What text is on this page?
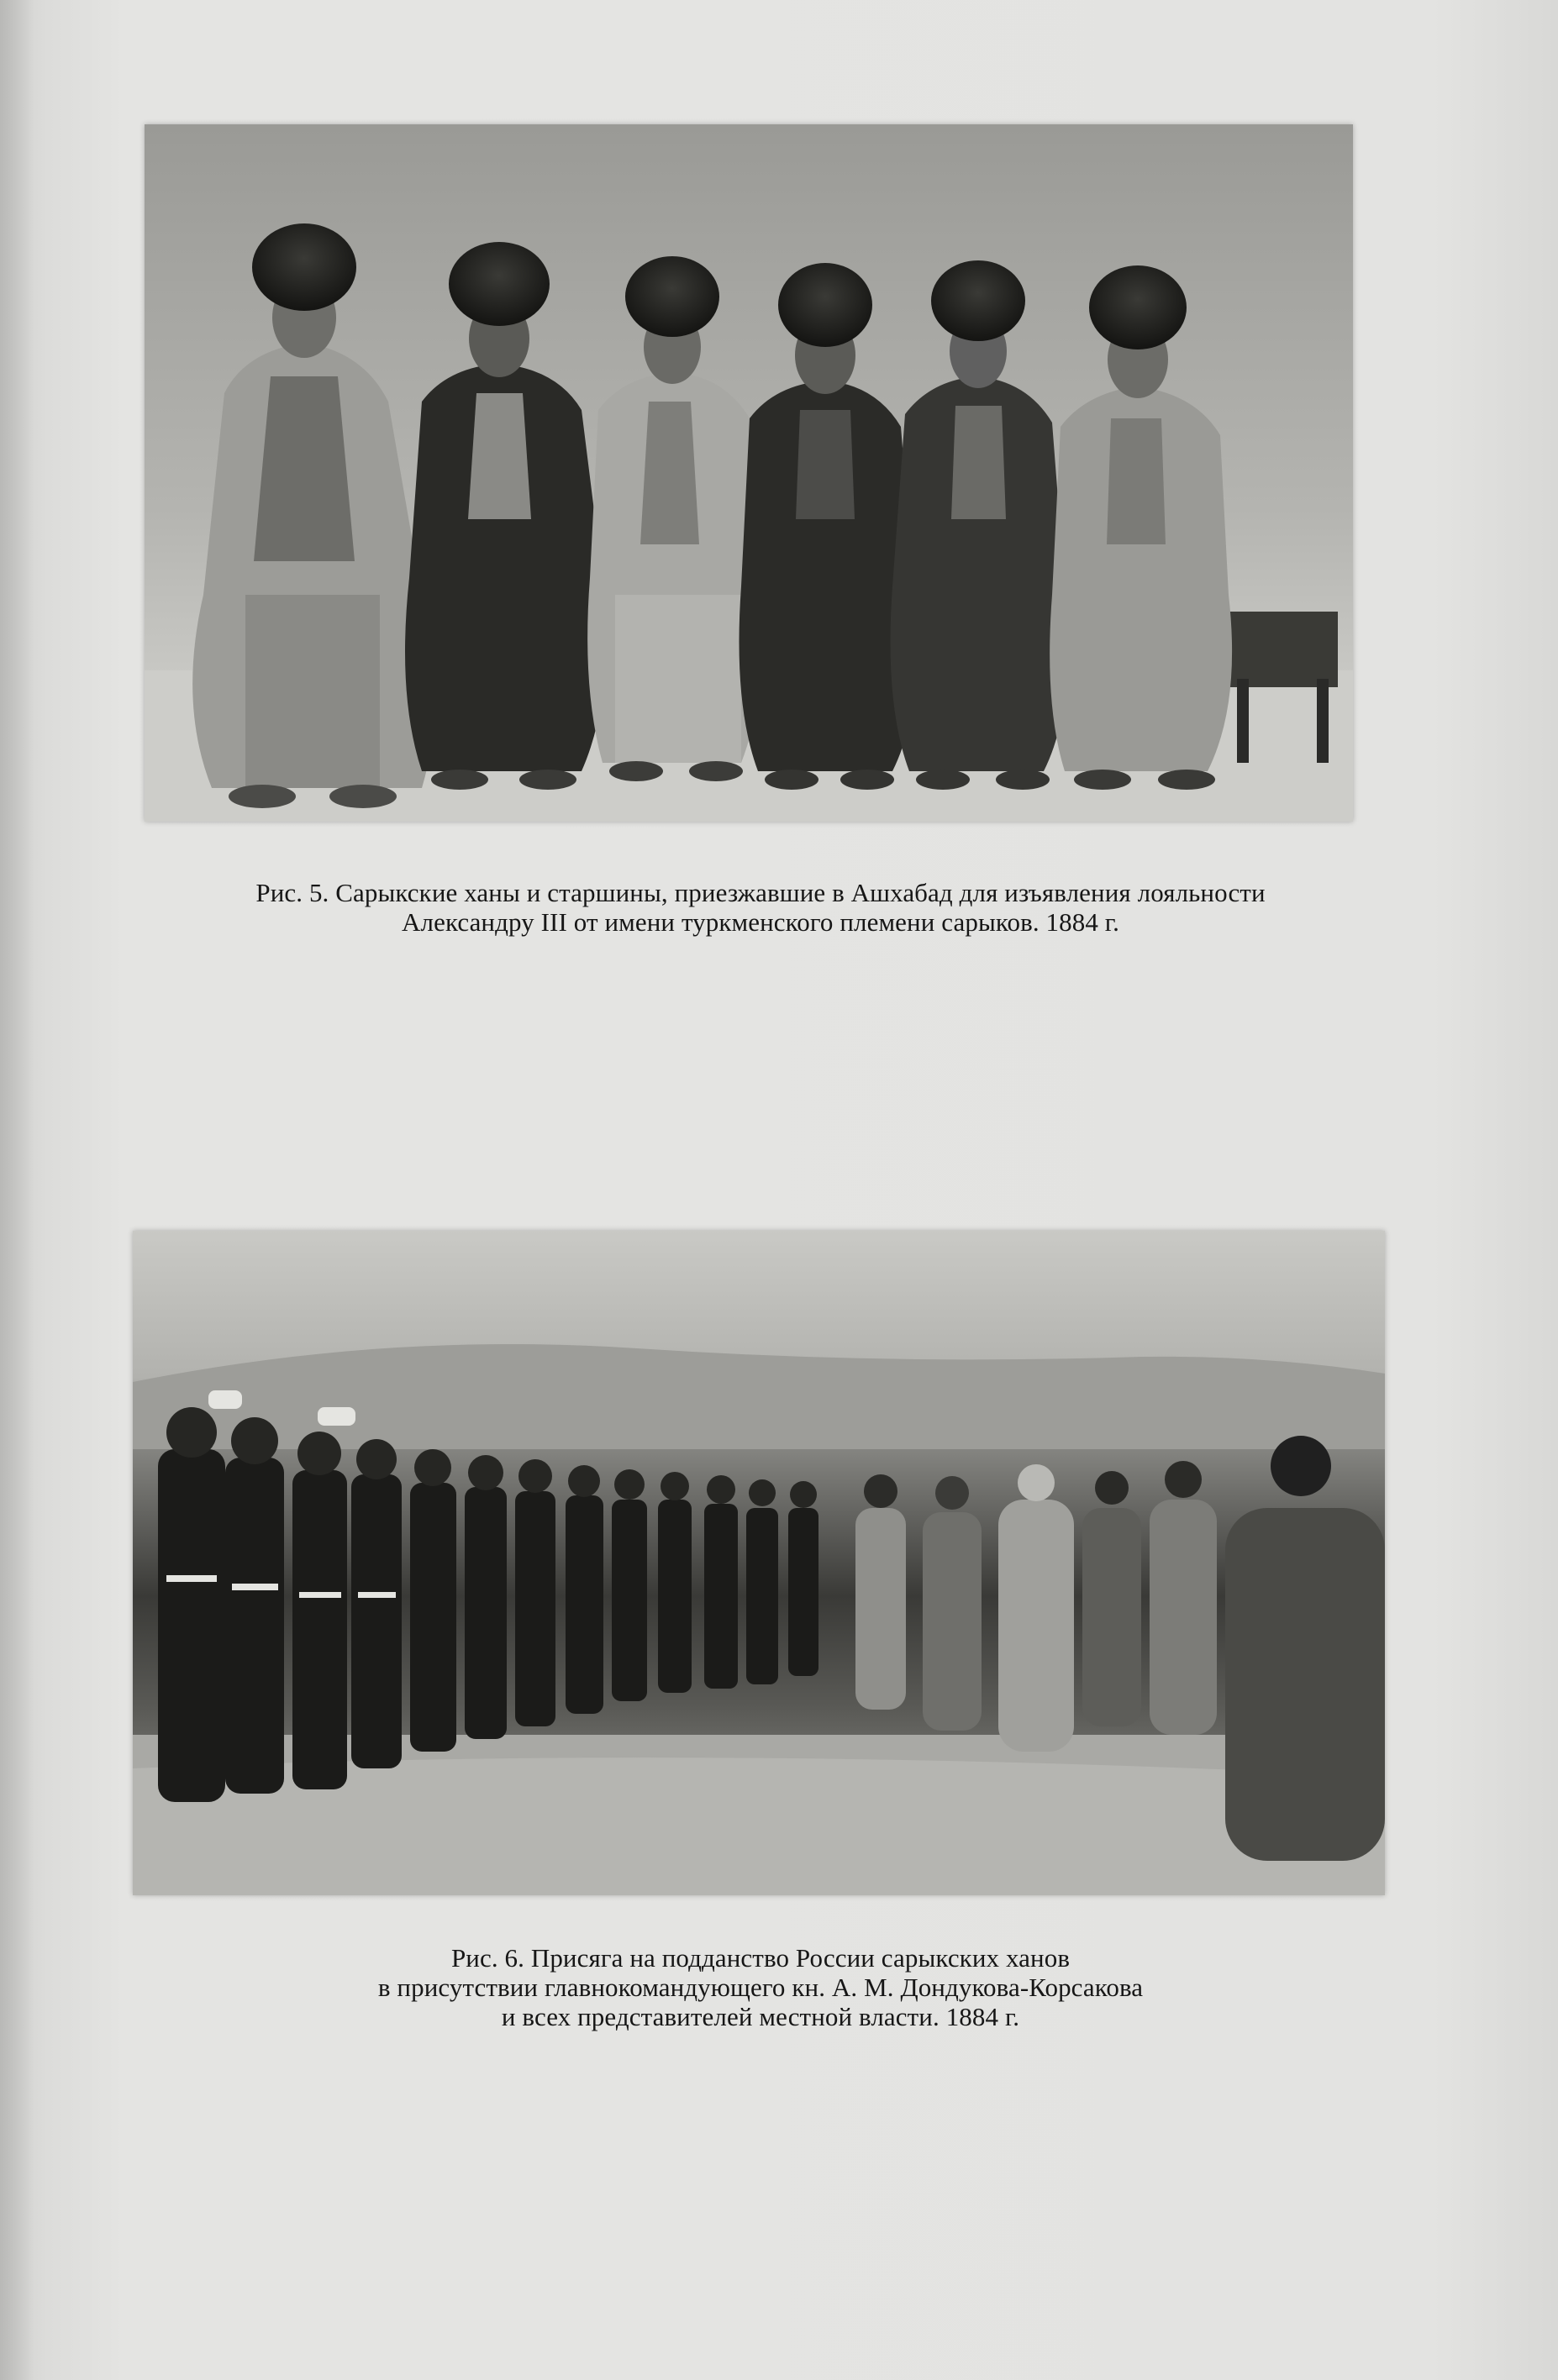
Рис. 5. Сарыкские ханы и старшины, приезжавшие в Ашхабад для изъявления лояльности
Александру III от имени туркменского племени сарыков. 1884 г.
Рис. 6. Присяга на подданство России сарыкских ханов
в присутствии главнокомандующего кн. А. М. Дондукова-Корсакова
и всех представителей местной власти. 1884 г.
